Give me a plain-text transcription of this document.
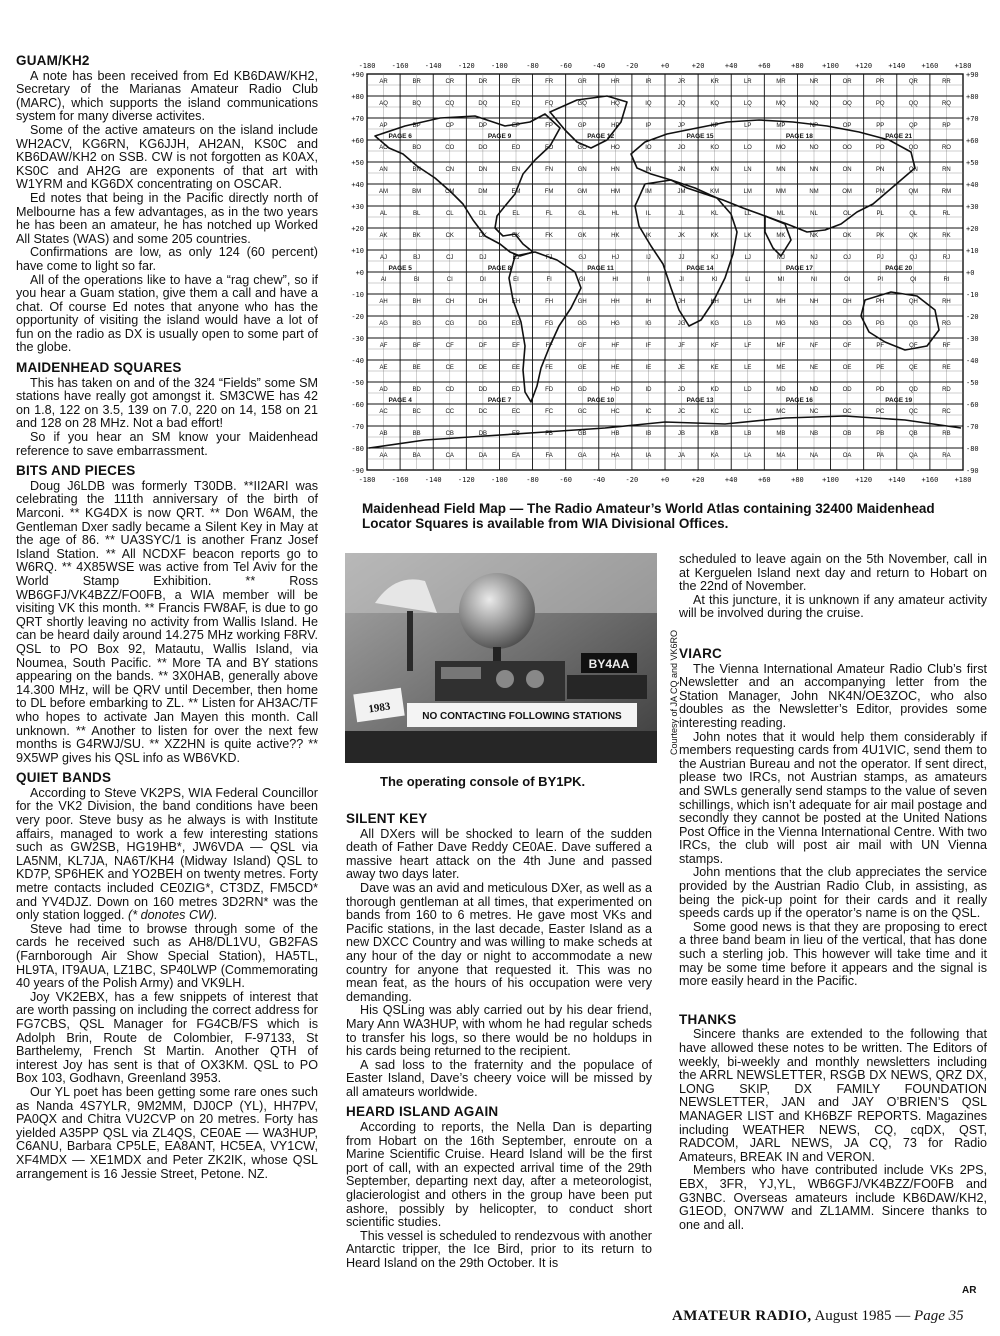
GUAM/KH2

A note has been received from Ed KB6DAW/KH2, Secretary of the Marianas Amateur Radio Club (MARC), which supports the island communications system for many diverse activites.

Some of the active amateurs on the island include WH2ACV, KG6RN, KG6JJH, AH2AN, KS0C and KB6DAW/KH2 on SSB. CW is not forgotten as K0AX, KS0C and AH2G are exponents of that art with W1YRM and KG6DX concentrating on OSCAR.

Ed notes that being in the Pacific directly north of Melbourne has a few advantages, as in the two years he has been an amateur, he has notched up Worked All States (WAS) and some 205 countries.

Confirmations are low, as only 124 (60 percent) have come to light so far.

All of the operations like to have a “rag chew”, so if you hear a Guam station, give them a call and have a chat. Of course Ed notes that anyone who has the opportunity of visiting the island would have a lot of fun on the radio as DX is usually open to some part of the globe.

MAIDENHEAD SQUARES

This has taken on and of the 324 “Fields” some SM stations have really got amongst it. SM3CWE has 42 on 1.8, 122 on 3.5, 139 on 7.0, 220 on 14, 158 on 21 and 128 on 28 MHz. Not a bad effort!

So if you hear an SM know your Maidenhead reference to save embarrassment.

BITS AND PIECES

Doug J6LDB was formerly T30DB. **II2ARI was celebrating the 111th anniversary of the birth of Marconi. ** KG4DX is now QRT. ** Don W6AM, the Gentleman Dxer sadly became a Silent Key in May at the age of 86. ** UA3SYC/1 is another Franz Josef Island Station. ** All NCDXF beacon reports go to W6RQ. ** 4X85WSE was active from Tel Aviv for the World Stamp Exhibition. ** Ross WB6GFJ/VK4BZZ/FO0FB, a WIA member will be visiting VK this month. ** Francis FW8AF, is due to go QRT shortly leaving no activity from Wallis Island. He can be heard daily around 14.275 MHz working F8RV. QSL to PO Box 92, Matautu, Wallis Island, via Noumea, South Pacific. ** More TA and BY stations appearing on the bands. ** 3X0HAB, generally above 14.300 MHz, will be QRV until December, then home to DL before embarking to ZL. ** Listen for AH3AC/TF who hopes to activate Jan Mayen this month. Call unknown. ** Another to listen for over the next few months is G4RWJ/SU. ** XZ2HN is quite active?? ** 9X5WP gives his QSL info as WB6VKD.

QUIET BANDS

According to Steve VK2PS, WIA Federal Councillor for the VK2 Division, the band conditions have been very poor. Steve busy as he always is with Institute affairs, managed to work a few interesting stations such as GW2SB, HG19HB*, JW6VDA — QSL via LA5NM, KL7JA, NA6T/KH4 (Midway Island) QSL to KD7P, SP6HEK and YO2BEH on twenty metres. Forty metre contacts included CE0ZIG*, CT3DZ, FM5CD* and YV4DJZ. Down on 160 metres 3D2RN* was the only station logged. (* donotes CW).

Steve had time to browse through some of the cards he received such as AH8/DL1VU, GB2FAS (Farnborough Air Show Special Station), HA5TL, HL9TA, IT9AUA, LZ1BC, SP40LWP (Commemorating 40 years of the Polish Army) and VK9LH.

Joy VK2EBX, has a few snippets of interest that are worth passing on including the correct address for FG7CBS, QSL Manager for FG4CB/FS which is Adolph Brin, Route de Colombier, F-97133, St Barthelemy, French St Martin. Another QTH of interest Joy has sent is that of OX3KM. QSL to PO Box 103, Godhavn, Greenland 3953.

Our YL poet has been getting some rare ones such as Nanda 4S7YLR, 9M2MM, DJ0CP (YL), HH7PV, PA0QX and Chitra VU2CVP on 20 metres. Forty has yielded A35PP QSL via ZL4QS, CE0AE — WA3HUP, C6ANU, Barbara CP5LE, EA8ANT, HC5EA, VY1CW, XF4MDX — XE1MDX and Peter ZK2IK, whose QSL arrangement is 16 Jessie Street, Petone. NZ.

AR	BR	CR	DR	ER	FR	GR	HR	IR	JR	KR	LR	MR	NR	OR	PR	QR	RR
AQ	BQ	CQ	DQ	EQ	FQ	GQ	HQ	IQ	JQ	KQ	LQ	MQ	NQ	OQ	PQ	QQ	RQ
AP	BP	CP	DP	EP	FP	GP	HP	IP	JP	KP	LP	MP	NP	OP	PP	QP	RP
AO	BO	CO	DO	EO	FO	GO	HO	IO	JO	KO	LO	MO	NO	OO	PO	QO	RO
AN	BN	CN	DN	EN	FN	GN	HN	IN	JN	KN	LN	MN	NN	ON	PN	QN	RN
AM	BM	CM	DM	EM	FM	GM	HM	IM	JM	KM	LM	MM	NM	OM	PM	QM	RM
AL	BL	CL	DL	EL	FL	GL	HL	IL	JL	KL	LL	ML	NL	OL	PL	QL	RL
AK	BK	CK	DK	EK	FK	GK	HK	IK	JK	KK	LK	MK	NK	OK	PK	QK	RK
AJ	BJ	CJ	DJ	EJ	FJ	GJ	HJ	IJ	JJ	KJ	LJ	MJ	NJ	OJ	PJ	QJ	RJ
AI	BI	CI	DI	EI	FI	GI	HI	II	JI	KI	LI	MI	NI	OI	PI	QI	RI
AH	BH	CH	DH	EH	FH	GH	HH	IH	JH	KH	LH	MH	NH	OH	PH	QH	RH
AG	BG	CG	DG	EG	FG	GG	HG	IG	JG	KG	LG	MG	NG	OG	PG	QG	RG
AF	BF	CF	DF	EF	FF	GF	HF	IF	JF	KF	LF	MF	NF	OF	PF	QF	RF
AE	BE	CE	DE	EE	FE	GE	HE	IE	JE	KE	LE	ME	NE	OE	PE	QE	RE
AD	BD	CD	DD	ED	FD	GD	HD	ID	JD	KD	LD	MD	ND	OD	PD	QD	RD
AC	BC	CC	DC	EC	FC	GC	HC	IC	JC	KC	LC	MC	NC	OC	PC	QC	RC
AB	BB	CB	DB	EB	FB	GB	HB	IB	JB	KB	LB	MB	NB	OB	PB	QB	RB
AA	BA	CA	DA	EA	FA	GA	HA	IA	JA	KA	LA	MA	NA	OA	PA	QA	RA
-180
-180
-160
-160
-140
-140
-120
-120
-100
-100
-80
-80
-60
-60
-40
-40
-20
-20
+0
+0
+20
+20
+40
+40
+60
+60
+80
+80
+100
+100
+120
+120
+140
+140
+160
+160
+180
+180
+90	+90
+80	+80
+70	+70
+60	+60
+50	+50
+40	+40
+30	+30
+20	+20
+10	+10
+0	+0
-10	-10
-20	-20
-30	-30
-40	-40
-50	-50
-60	-60
-70	-70
-80	-80
-90	-90
PAGE 6	PAGE 9	PAGE 12	PAGE 15	PAGE 18	PAGE 21
PAGE 5	PAGE 8	PAGE 11	PAGE 14	PAGE 17	PAGE 20
PAGE 4	PAGE 7	PAGE 10	PAGE 13	PAGE 16	PAGE 19
Maidenhead Field Map — The Radio Amateur’s World Atlas containing 32400 Maidenhead Locator Squares is available from WIA Divisional Offices.
BY4AA
1983
NO CONTACTING FOLLOWING STATIONS	Courtesy of JA CQ and VK6RO
The operating console of BY1PK.
SILENT KEY

All DXers will be shocked to learn of the sudden death of Father Dave Reddy CE0AE. Dave suffered a massive heart attack on the 4th June and passed away two days later.

Dave was an avid and meticulous DXer, as well as a thorough gentleman at all times, that experimented on bands from 160 to 6 metres. He gave most VKs and Pacific stations, in the last decade, Easter Island as a new DXCC Country and was willing to make scheds at any hour of the day or night to accommodate a new country for anyone that requested it. This was no mean feat, as the hours of his occupation were very demanding.

His QSLing was ably carried out by his dear friend, Mary Ann WA3HUP, with whom he had regular scheds to transfer his logs, so there would be no holdups in his cards being returned to the recipient.

A sad loss to the fraternity and the populace of Easter Island, Dave’s cheery voice will be missed by all amateurs worldwide.

HEARD ISLAND AGAIN

According to reports, the Nella Dan is departing from Hobart on the 16th September, enroute on a Marine Scientific Cruise. Heard Island will be the first port of call, with an expected arrival time of the 29th September, departing next day, after a meteorologist, glacierologist and others in the group have been put ashore, possibly by helicopter, to conduct short scientific studies.

This vessel is scheduled to rendezvous with another Antarctic tripper, the Ice Bird, prior to its return to Heard Island on the 29th October. It is

scheduled to leave again on the 5th November, call in at Kerguelen Island next day and return to Hobart on the 22nd of November.

At this juncture, it is unknown if any amateur activity will be involved during the cruise.

VIARC

The Vienna International Amateur Radio Club’s first Newsletter and an accompanying letter from the Station Manager, John NK4N/OE3ZOC, who also doubles as the Newsletter’s Editor, provides some interesting reading.

John notes that it would help them considerably if members requesting cards from 4U1VIC, send them to the Austrian Bureau and not the operator. If sent direct, please two IRCs, not Austrian stamps, as amateurs and SWLs generally send stamps to the value of seven schillings, which isn’t adequate for air mail postage and secondly they cannot be posted at the United Nations Post Office in the Vienna International Centre. With two IRCs, the club will post air mail with UN Vienna stamps.

John mentions that the club appreciates the service provided by the Austrian Radio Club, in assisting, as being the pick-up point for their cards and it really speeds cards up if the operator’s name is on the QSL.

Some good news is that they are proposing to erect a three band beam in lieu of the vertical, that has done such a sterling job. This however will take time and it may be some time before it appears and the signal is more easily heard in the Pacific.

THANKS

Sincere thanks are extended to the following that have allowed these notes to be written. The Editors of weekly, bi-weekly and monthly newsletters including the ARRL NEWSLETTER, RSGB DX NEWS, QRZ DX, LONG SKIP, DX FAMILY FOUNDATION NEWSLETTER, JAN and JAY O’BRIEN’S QSL MANAGER LIST and KH6BZF REPORTS. Magazines including WEATHER NEWS, CQ, cqDX, QST, RADCOM, JARL NEWS, JA CQ, 73 for Radio Amateurs, BREAK IN and VERON.

Members who have contributed include VKs 2PS, EBX, 3FR, YJ,YL, WB6GFJ/VK4BZZ/FO0FB and G3NBC. Overseas amateurs include KB6DAW/KH2, G1EOD, ON7WW and ZL1AMM. Sincere thanks to one and all.

AR
AMATEUR RADIO, August 1985 — Page 35
